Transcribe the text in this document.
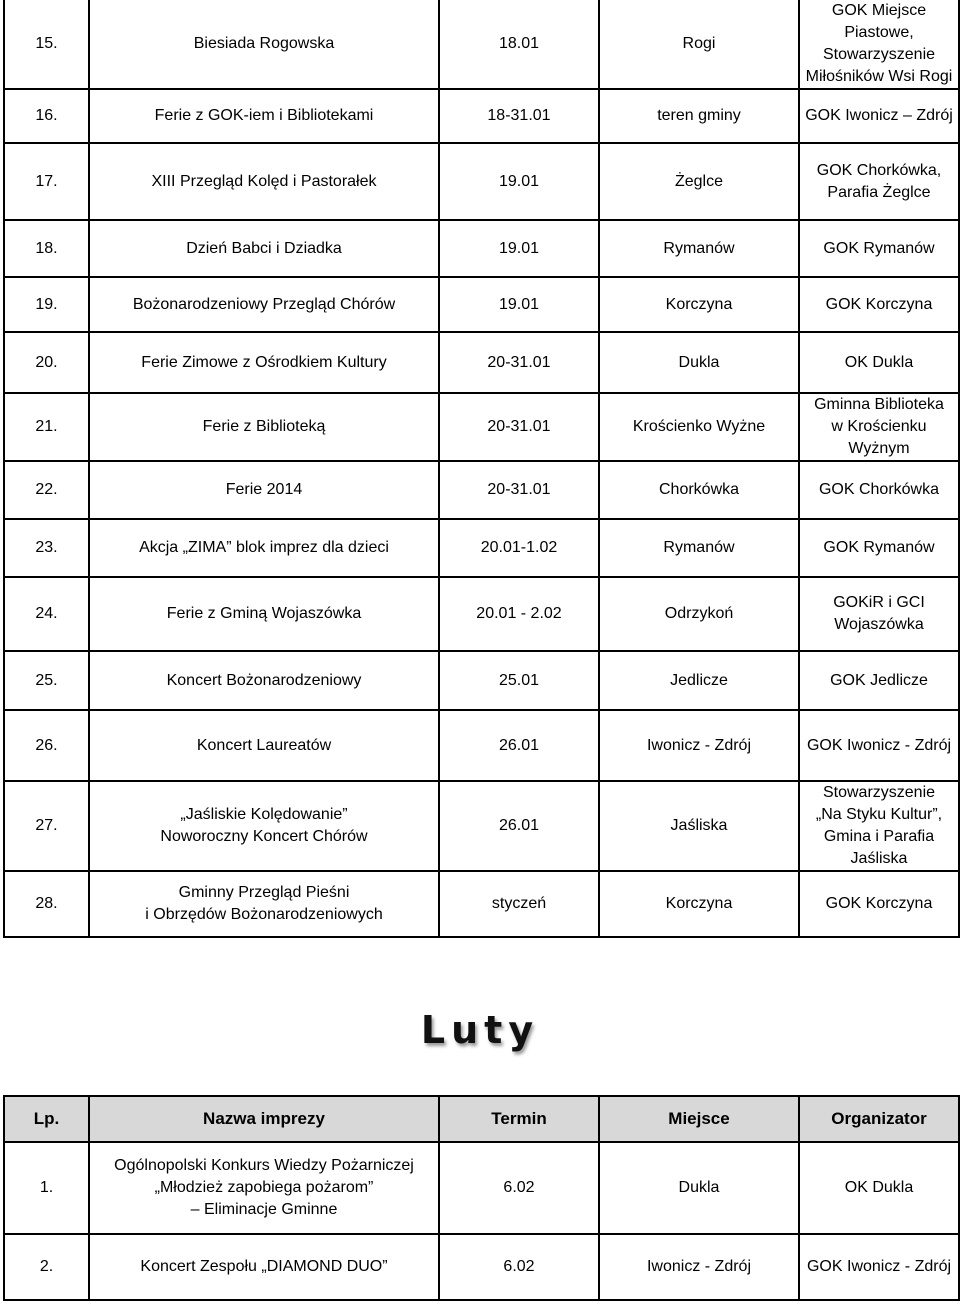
15.	Biesiada Rogowska	18.01	Rogi	GOK Miejsce Piastowe,
Stowarzyszenie
Miłośników Wsi Rogi
16.	Ferie z GOK-iem i Bibliotekami	18-31.01	teren gminy	GOK Iwonicz – Zdrój
17.	XIII Przegląd Kolęd i Pastorałek	19.01	Żeglce	GOK Chorkówka,
Parafia Żeglce
18.	Dzień Babci i Dziadka	19.01	Rymanów	GOK Rymanów
19.	Bożonarodzeniowy Przegląd Chórów	19.01	Korczyna	GOK Korczyna
20.	Ferie Zimowe z Ośrodkiem Kultury	20-31.01	Dukla	OK Dukla
21.	Ferie z Biblioteką	20-31.01	Krościenko Wyżne	Gminna Biblioteka
w Krościenku Wyżnym
22.	Ferie 2014	20-31.01	Chorkówka	GOK Chorkówka
23.	Akcja „ZIMA” blok imprez dla dzieci	20.01-1.02	Rymanów	GOK Rymanów
24.	Ferie z Gminą Wojaszówka	20.01 - 2.02	Odrzykoń	GOKiR i GCI Wojaszówka
25.	Koncert Bożonarodzeniowy	25.01	Jedlicze	GOK Jedlicze
26.	Koncert Laureatów	26.01	Iwonicz - Zdrój	GOK Iwonicz - Zdrój
27.	„Jaśliskie Kolędowanie”
Noworoczny Koncert Chórów	26.01	Jaśliska	Stowarzyszenie
„Na Styku Kultur”,
Gmina i Parafia Jaśliska
28.	Gminny Przegląd Pieśni
i Obrzędów Bożonarodzeniowych	styczeń	Korczyna	GOK Korczyna
Luty
Lp.	Nazwa imprezy	Termin	Miejsce	Organizator
1.	Ogólnopolski Konkurs Wiedzy Pożarniczej
„Młodzież zapobiega pożarom”
– Eliminacje Gminne	6.02	Dukla	OK Dukla
2.	Koncert Zespołu „DIAMOND DUO”	6.02	Iwonicz - Zdrój	GOK Iwonicz - Zdrój
